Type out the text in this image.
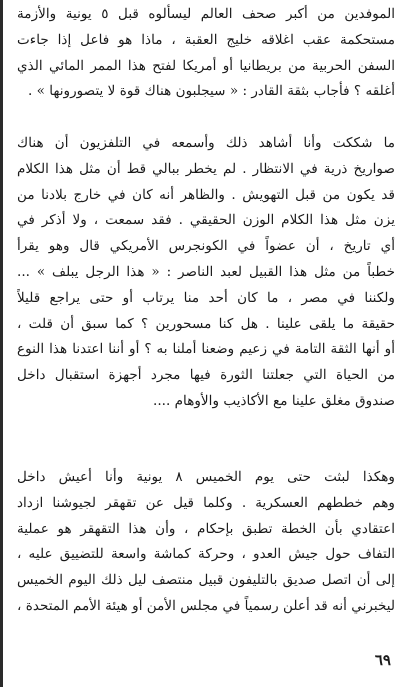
الموفدين من أكبر صحف العالم ليسألوه قبل ٥ يونية والأزمة
مستحكمة عقب اغلاقه خليج العقبة ، ماذا هو فاعل إذا جاءت
السفن الحربية من بريطانيا أو أمريكا لفتح هذا الممر المائي الذي
أغلقه ؟ فأجاب بثقة القادر : « سيجلبون هناك قوة لا يتصورونها » .
ما شككت وأنا أشاهد ذلك وأسمعه في التلفزيون أن هناك
صواريخ ذرية في الانتظار . لم يخطر ببالي قط أن مثل هذا الكلام
قد يكون من قبل التهويش . والظاهر أنه كان في خارج بلادنا من
يزن مثل هذا الكلام الوزن الحقيقي . فقد سمعت ، ولا أذكر في
أي تاريخ ، أن عضواً في الكونجرس الأمريكي قال وهو يقرأ
خطباً من مثل هذا القبيل لعبد الناصر : « هذا الرجل يبلف » ...
ولكننا في مصر ، ما كان أحد منا يرتاب أو حتى يراجع قليلاً
حقيقة ما يلقى علينا . هل كنا مسحورين ؟ كما سبق أن قلت ،
أو أنها الثقة التامة في زعيم وضعنا أملنا به ؟ أو أننا اعتدنا هذا النوع
من الحياة التي جعلتنا الثورة فيها مجرد أجهزة استقبال داخل
صندوق مغلق علينا مع الأكاذيب والأوهام ....
وهكذا لبثت حتى يوم الخميس ٨ يونية وأنا أعيش داخل
وهم خططهم العسكرية . وكلما قيل عن تقهقر لجيوشنا ازداد
اعتقادي بأن الخطة تطبق بإحكام ، وأن هذا التقهقر هو عملية
التفاف حول جيش العدو ، وحركة كماشة واسعة للتضييق عليه ،
إلى أن اتصل صديق بالتليفون قبيل منتصف ليل ذلك اليوم الخميس
ليخبرني أنه قد أعلن رسمياً في مجلس الأمن أو هيئة الأمم المتحدة ،
٦٩
